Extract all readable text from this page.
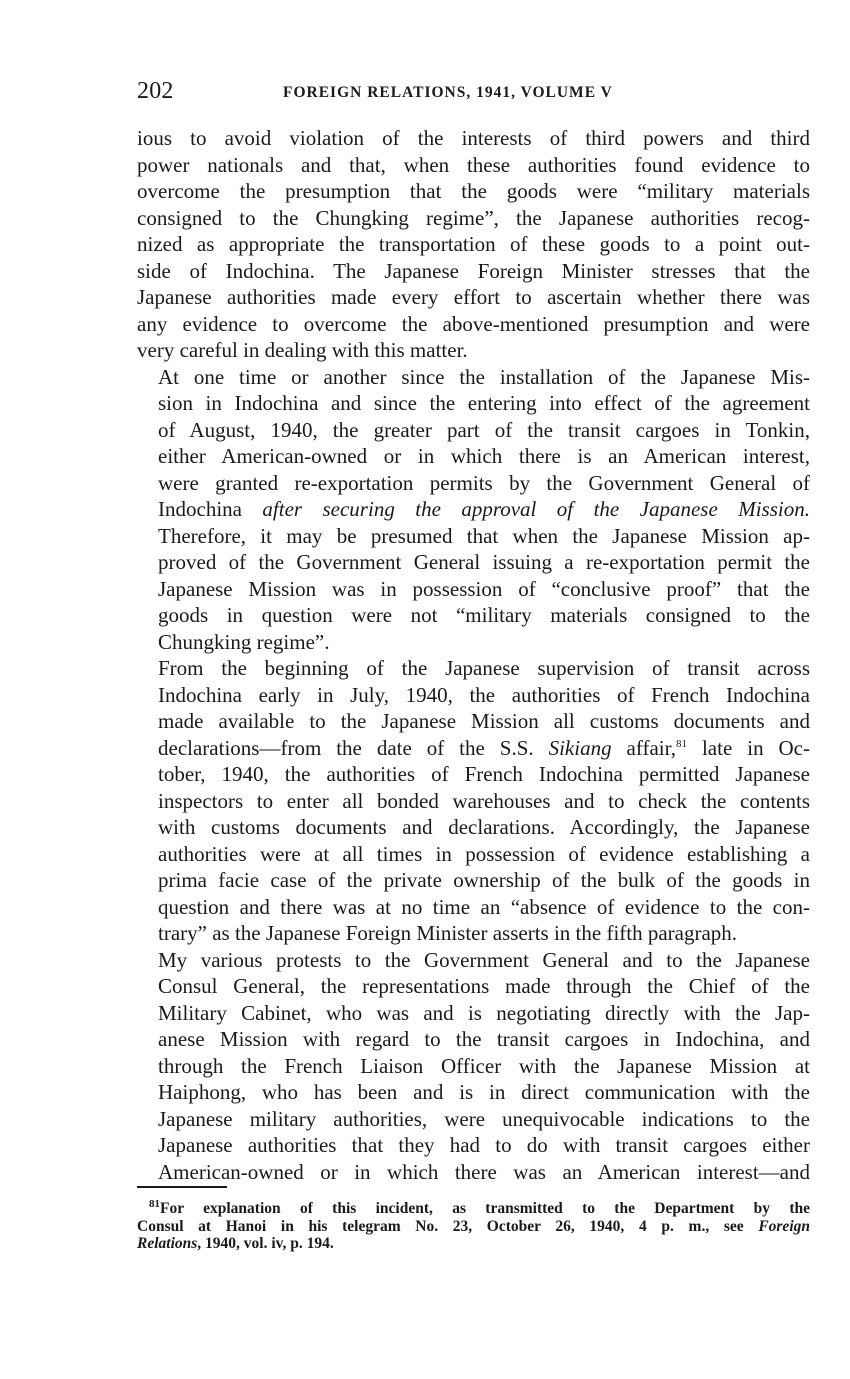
202	FOREIGN RELATIONS, 1941, VOLUME V

ious to avoid violation of the interests of third powers and third
power nationals and that, when these authorities found evidence to
overcome the presumption that the goods were “military materials
consigned to the Chungking regime”, the Japanese authorities recog-
nized as appropriate the transportation of these goods to a point out-
side of Indochina. The Japanese Foreign Minister stresses that the
Japanese authorities made every effort to ascertain whether there was
any evidence to overcome the above-mentioned presumption and were
very careful in dealing with this matter.

At one time or another since the installation of the Japanese Mis-
sion in Indochina and since the entering into effect of the agreement
of August, 1940, the greater part of the transit cargoes in Tonkin,
either American-owned or in which there is an American interest,
were granted re-exportation permits by the Government General of
Indochina after securing the approval of the Japanese Mission.
Therefore, it may be presumed that when the Japanese Mission ap-
proved of the Government General issuing a re-exportation permit the
Japanese Mission was in possession of “conclusive proof” that the
goods in question were not “military materials consigned to the
Chungking regime”.

From the beginning of the Japanese supervision of transit across
Indochina early in July, 1940, the authorities of French Indochina
made available to the Japanese Mission all customs documents and
declarations—from the date of the S.S. Sikiang affair,$^{81}$ late in Oc-
tober, 1940, the authorities of French Indochina permitted Japanese
inspectors to enter all bonded warehouses and to check the contents
with customs documents and declarations. Accordingly, the Japanese
authorities were at all times in possession of evidence establishing a
prima facie case of the private ownership of the bulk of the goods in
question and there was at no time an “absence of evidence to the con-
trary” as the Japanese Foreign Minister asserts in the fifth paragraph.

My various protests to the Government General and to the Japanese
Consul General, the representations made through the Chief of the
Military Cabinet, who was and is negotiating directly with the Jap-
anese Mission with regard to the transit cargoes in Indochina, and
through the French Liaison Officer with the Japanese Mission at
Haiphong, who has been and is in direct communication with the
Japanese military authorities, were unequivocable indications to the
Japanese authorities that they had to do with transit cargoes either
American-owned or in which there was an American interest—and

$^{81}$For explanation of this incident, as transmitted to the Department by the
Consul at Hanoi in his telegram No. 23, October 26, 1940, 4 p. m., see Foreign
Relations, 1940, vol. iv, p. 194.
